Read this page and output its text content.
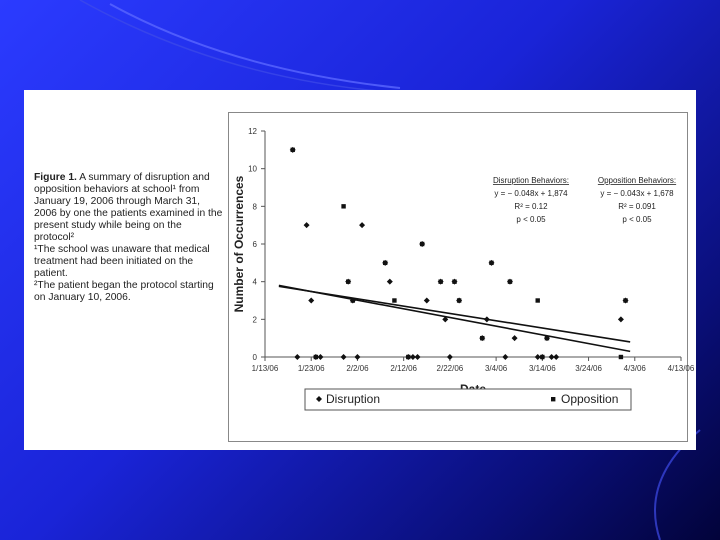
Figure 1. A summary of disruption and opposition behaviors at school¹ from January 19, 2006 through March 31, 2006 by one the patients examined in the present study while being on the protocol²
¹The school was unaware that medical treatment had been initiated on the patient.
²The patient began the protocol starting on January 10, 2006.
0
2
4
6
8
10
12
1/13/06 1/23/06	2/2/06	2/12/06 2/22/06	3/4/06	3/14/06 3/24/06	4/3/06	4/13/06
Number of Occurrences	Disruption Behaviors:
y = − 0.048x + 1,874
R² = 0.12
p < 0.05
Opposition Behaviors:
y = − 0.043x + 1,678
R² = 0.091
p < 0.05
Disruption	Opposition
